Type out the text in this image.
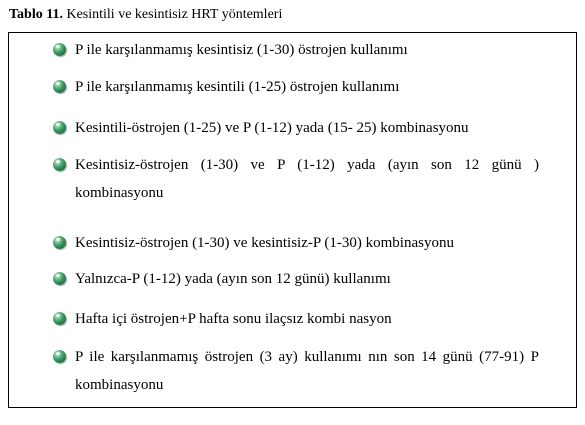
Tablo 11. Kesintili ve kesintisiz HRT yöntemleri
P ile karşılanmamış kesintisiz (1-30) östrojen kullanımı
P ile karşılanmamış kesintili (1-25) östrojen kullanımı
Kesintili-östrojen (1-25) ve P (1-12) yada (15- 25) kombinasyonu
Kesintisiz-östrojen (1-30) ve P (1-12) yada (ayın son 12 günü ) kombinasyonu
Kesintisiz-östrojen (1-30) ve kesintisiz-P (1-30) kombinasyonu
Yalnızca-P (1-12) yada (ayın son 12 günü) kullanımı
Hafta içi östrojen+P hafta sonu ilaçsız kombi nasyon
P ile karşılanmamış östrojen (3 ay) kullanımı nın son 14 günü (77-91) P kombinasyonu
